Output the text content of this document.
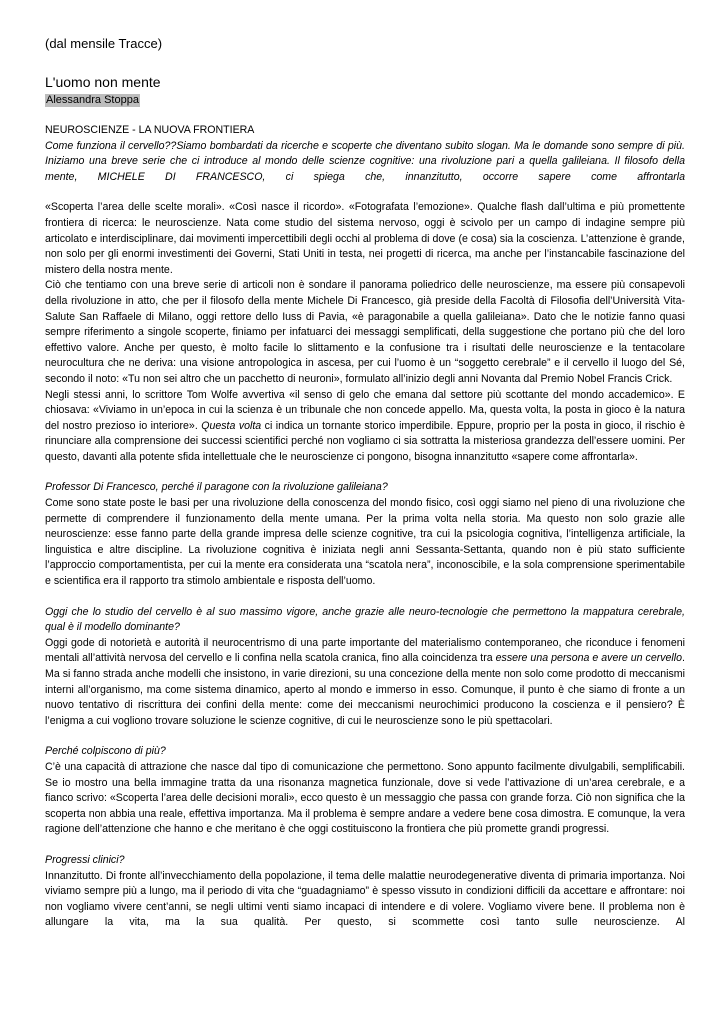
(dal mensile Tracce)
L'uomo non mente
Alessandra Stoppa
NEUROSCIENZE - LA NUOVA FRONTIERA

Come funziona il cervello??Siamo bombardati da ricerche e scoperte che diventano subito slogan. Ma le domande sono sempre di più. Iniziamo una breve serie che ci introduce al mondo delle scienze cognitive: una rivoluzione pari a quella galileiana. Il filosofo della mente, MICHELE DI FRANCESCO, ci spiega che, innanzitutto, occorre sapere come affrontarla

«Scoperta l’area delle scelte morali». «Così nasce il ricordo». «Fotografata l’emozione». Qualche flash dall’ultima e più promettente frontiera di ricerca: le neuroscienze. Nata come studio del sistema nervoso, oggi è scivolo per un campo di indagine sempre più articolato e interdisciplinare, dai movimenti impercettibili degli occhi al problema di dove (e cosa) sia la coscienza. L’attenzione è grande, non solo per gli enormi investimenti dei Governi, Stati Uniti in testa, nei progetti di ricerca, ma anche per l’instancabile fascinazione del mistero della nostra mente.

Ciò che tentiamo con una breve serie di articoli non è sondare il panorama poliedrico delle neuroscienze, ma essere più consapevoli della rivoluzione in atto, che per il filosofo della mente Michele Di Francesco, già preside della Facoltà di Filosofia dell’Università Vita-Salute San Raffaele di Milano, oggi rettore dello Iuss di Pavia, «è paragonabile a quella galileiana». Dato che le notizie fanno quasi sempre riferimento a singole scoperte, finiamo per infatuarci dei messaggi semplificati, della suggestione che portano più che del loro effettivo valore. Anche per questo, è molto facile lo slittamento e la confusione tra i risultati delle neuroscienze e la tentacolare neurocultura che ne deriva: una visione antropologica in ascesa, per cui l’uomo è un “soggetto cerebrale” e il cervello il luogo del Sé, secondo il noto: «Tu non sei altro che un pacchetto di neuroni», formulato all’inizio degli anni Novanta dal Premio Nobel Francis Crick.

Negli stessi anni, lo scrittore Tom Wolfe avvertiva «il senso di gelo che emana dal settore più scottante del mondo accademico». E chiosava: «Viviamo in un’epoca in cui la scienza è un tribunale che non concede appello. Ma, questa volta, la posta in gioco è la natura del nostro prezioso io interiore». Questa volta ci indica un tornante storico imperdibile. Eppure, proprio per la posta in gioco, il rischio è rinunciare alla comprensione dei successi scientifici perché non vogliamo ci sia sottratta la misteriosa grandezza dell’essere uomini. Per questo, davanti alla potente sfida intellettuale che le neuroscienze ci pongono, bisogna innanzitutto «sapere come affrontarla».

Professor Di Francesco, perché il paragone con la rivoluzione galileiana?

Come sono state poste le basi per una rivoluzione della conoscenza del mondo fisico, così oggi siamo nel pieno di una rivoluzione che permette di comprendere il funzionamento della mente umana. Per la prima volta nella storia. Ma questo non solo grazie alle neuroscienze: esse fanno parte della grande impresa delle scienze cognitive, tra cui la psicologia cognitiva, l’intelligenza artificiale, la linguistica e altre discipline. La rivoluzione cognitiva è iniziata negli anni Sessanta-Settanta, quando non è più stato sufficiente l’approccio comportamentista, per cui la mente era considerata una “scatola nera”, inconoscibile, e la sola comprensione sperimentabile e scientifica era il rapporto tra stimolo ambientale e risposta dell’uomo.

Oggi che lo studio del cervello è al suo massimo vigore, anche grazie alle neuro-tecnologie che permettono la mappatura cerebrale, qual è il modello dominante?

Oggi gode di notorietà e autorità il neurocentrismo di una parte importante del materialismo contemporaneo, che riconduce i fenomeni mentali all’attività nervosa del cervello e li confina nella scatola cranica, fino alla coincidenza tra essere una persona e avere un cervello. Ma si fanno strada anche modelli che insistono, in varie direzioni, su una concezione della mente non solo come prodotto di meccanismi interni all’organismo, ma come sistema dinamico, aperto al mondo e immerso in esso. Comunque, il punto è che siamo di fronte a un nuovo tentativo di riscrittura dei confini della mente: come dei meccanismi neurochimici producono la coscienza e il pensiero? È l’enigma a cui vogliono trovare soluzione le scienze cognitive, di cui le neuroscienze sono le più spettacolari.

Perché colpiscono di più?

C’è una capacità di attrazione che nasce dal tipo di comunicazione che permettono. Sono appunto facilmente divulgabili, semplificabili. Se io mostro una bella immagine tratta da una risonanza magnetica funzionale, dove si vede l’attivazione di un’area cerebrale, e a fianco scrivo: «Scoperta l’area delle decisioni morali», ecco questo è un messaggio che passa con grande forza. Ciò non significa che la scoperta non abbia una reale, effettiva importanza. Ma il problema è sempre andare a vedere bene cosa dimostra. E comunque, la vera ragione dell’attenzione che hanno e che meritano è che oggi costituiscono la frontiera che più promette grandi progressi.

Progressi clinici?

Innanzitutto. Di fronte all’invecchiamento della popolazione, il tema delle malattie neurodegenerative diventa di primaria importanza. Noi viviamo sempre più a lungo, ma il periodo di vita che “guadagniamo” è spesso vissuto in condizioni difficili da accettare e affrontare: noi non vogliamo vivere cent’anni, se negli ultimi venti siamo incapaci di intendere e di volere. Vogliamo vivere bene. Il problema non è allungare la vita, ma la sua qualità. Per questo, si scommette così tanto sulle neuroscienze. Al
